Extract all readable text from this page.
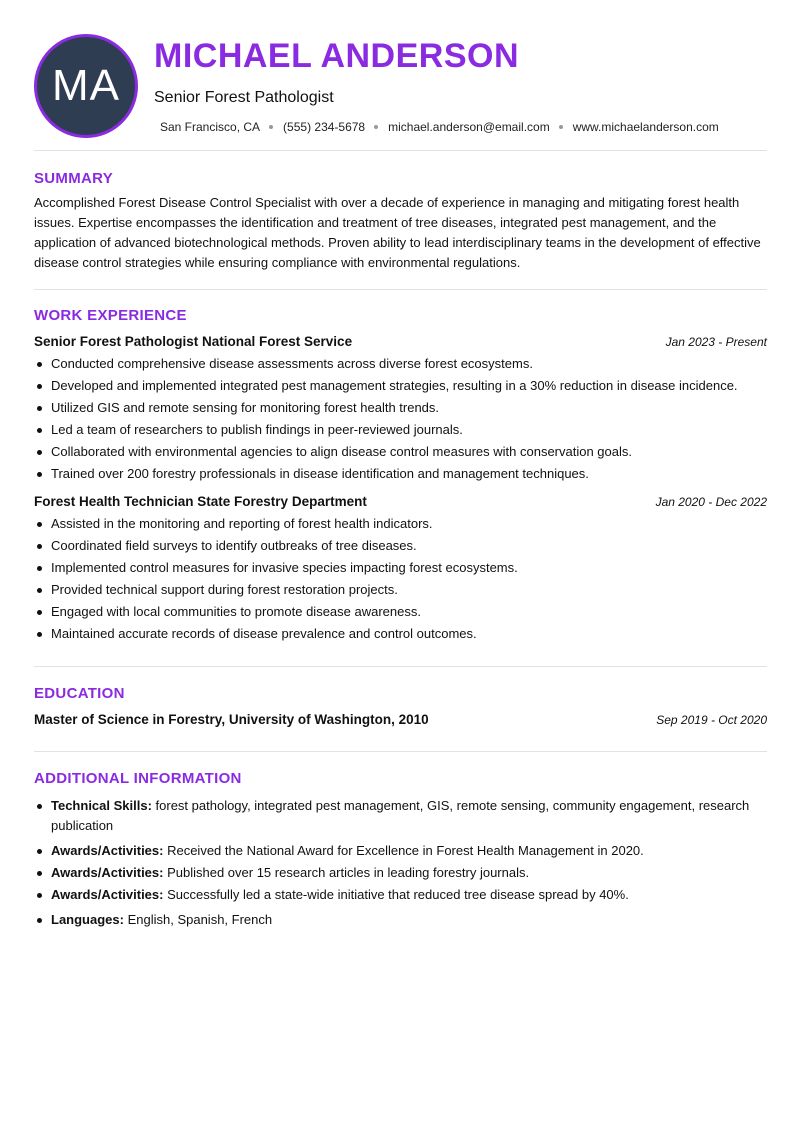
MA
MICHAEL ANDERSON
Senior Forest Pathologist
San Francisco, CA (555) 234-5678 michael.anderson@email.com www.michaelanderson.com
SUMMARY

Accomplished Forest Disease Control Specialist with over a decade of experience in managing and mitigating forest health issues. Expertise encompasses the identification and treatment of tree diseases, integrated pest management, and the application of advanced biotechnological methods. Proven ability to lead interdisciplinary teams in the development of effective disease control strategies while ensuring compliance with environmental regulations.

WORK EXPERIENCE
Senior Forest Pathologist National Forest Service	Jan 2023 - Present
Conducted comprehensive disease assessments across diverse forest ecosystems.
Developed and implemented integrated pest management strategies, resulting in a 30% reduction in disease incidence.
Utilized GIS and remote sensing for monitoring forest health trends.
Led a team of researchers to publish findings in peer-reviewed journals.
Collaborated with environmental agencies to align disease control measures with conservation goals.
Trained over 200 forestry professionals in disease identification and management techniques.
Forest Health Technician State Forestry Department	Jan 2020 - Dec 2022
Assisted in the monitoring and reporting of forest health indicators.
Coordinated field surveys to identify outbreaks of tree diseases.
Implemented control measures for invasive species impacting forest ecosystems.
Provided technical support during forest restoration projects.
Engaged with local communities to promote disease awareness.
Maintained accurate records of disease prevalence and control outcomes.
EDUCATION
Master of Science in Forestry, University of Washington, 2010	Sep 2019 - Oct 2020
ADDITIONAL INFORMATION
Technical Skills: forest pathology, integrated pest management, GIS, remote sensing, community engagement, research publication
Awards/Activities: Received the National Award for Excellence in Forest Health Management in 2020.
Awards/Activities: Published over 15 research articles in leading forestry journals.
Awards/Activities: Successfully led a state-wide initiative that reduced tree disease spread by 40%.
Languages: English, Spanish, French
